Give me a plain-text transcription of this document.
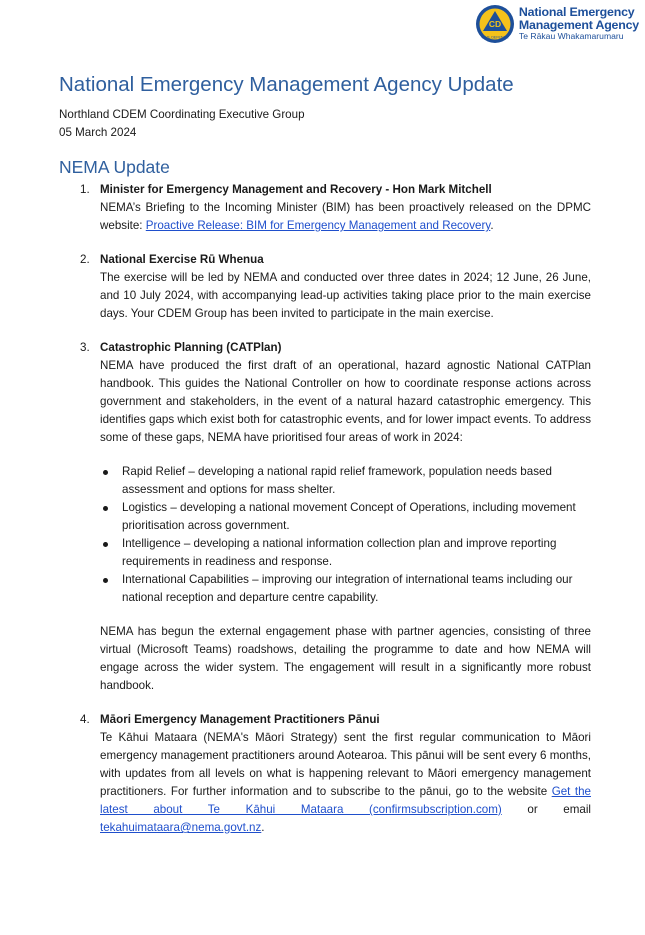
CD
CIVIL DEFENCE
National Emergency
Management Agency
Te Rākau Whakamarumaru
National Emergency Management Agency Update
Northland CDEM Coordinating Executive Group
05 March 2024
NEMA Update
1. Minister for Emergency Management and Recovery - Hon Mark Mitchell
NEMA’s Briefing to the Incoming Minister (BIM) has been proactively released on the DPMC website: Proactive Release: BIM for Emergency Management and Recovery.
2. National Exercise Rū Whenua
The exercise will be led by NEMA and conducted over three dates in 2024; 12 June, 26 June, and 10 July 2024, with accompanying lead-up activities taking place prior to the main exercise days. Your CDEM Group has been invited to participate in the main exercise.
3. Catastrophic Planning (CATPlan)
NEMA have produced the first draft of an operational, hazard agnostic National CATPlan handbook. This guides the National Controller on how to coordinate response actions across government and stakeholders, in the event of a natural hazard catastrophic emergency. This identifies gaps which exist both for catastrophic events, and for lower impact events. To address some of these gaps, NEMA have prioritised four areas of work in 2024:
Rapid Relief – developing a national rapid relief framework, population needs based assessment and options for mass shelter.
Logistics – developing a national movement Concept of Operations, including movement prioritisation across government.
Intelligence – developing a national information collection plan and improve reporting requirements in readiness and response.
International Capabilities – improving our integration of international teams including our national reception and departure centre capability.
NEMA has begun the external engagement phase with partner agencies, consisting of three virtual (Microsoft Teams) roadshows, detailing the programme to date and how NEMA will engage across the wider system. The engagement will result in a significantly more robust handbook.
4. Māori Emergency Management Practitioners Pānui
Te Kāhui Mataara (NEMA's Māori Strategy) sent the first regular communication to Māori emergency management practitioners around Aotearoa. This pānui will be sent every 6 months, with updates from all levels on what is happening relevant to Māori emergency management practitioners. For further information and to subscribe to the pānui, go to the website Get the latest about Te Kāhui Mataara (confirmsubscription.com) or email tekahuimataara@nema.govt.nz.
